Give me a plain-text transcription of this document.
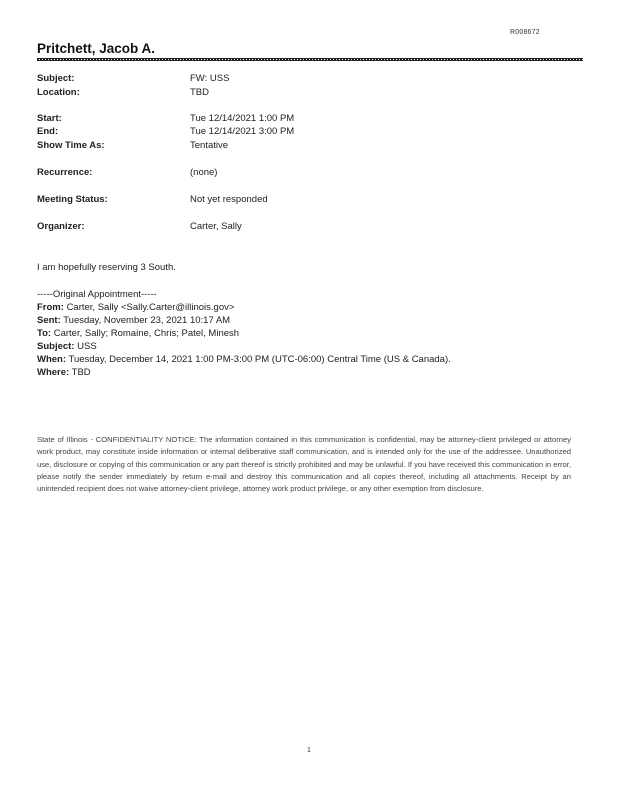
R008672
Pritchett, Jacob A.
Subject:	FW: USS
Location:	TBD
Start:	Tue 12/14/2021 1:00 PM
End:	Tue 12/14/2021 3:00 PM
Show Time As:	Tentative
Recurrence:	(none)
Meeting Status:	Not yet responded
Organizer:	Carter, Sally
I am hopefully reserving 3 South.
-----Original Appointment-----
From: Carter, Sally <Sally.Carter@illinois.gov>
Sent: Tuesday, November 23, 2021 10:17 AM
To: Carter, Sally; Romaine, Chris; Patel, Minesh
Subject: USS
When: Tuesday, December 14, 2021 1:00 PM-3:00 PM (UTC-06:00) Central Time (US & Canada).
Where: TBD
State of Illinois - CONFIDENTIALITY NOTICE: The information contained in this communication is confidential, may be attorney-client privileged or attorney work product, may constitute inside information or internal deliberative staff communication, and is intended only for the use of the addressee. Unauthorized use, disclosure or copying of this communication or any part thereof is strictly prohibited and may be unlawful. If you have received this communication in error, please notify the sender immediately by return e-mail and destroy this communication and all copies thereof, including all attachments. Receipt by an unintended recipient does not waive attorney-client privilege, attorney work product privilege, or any other exemption from disclosure.
1
